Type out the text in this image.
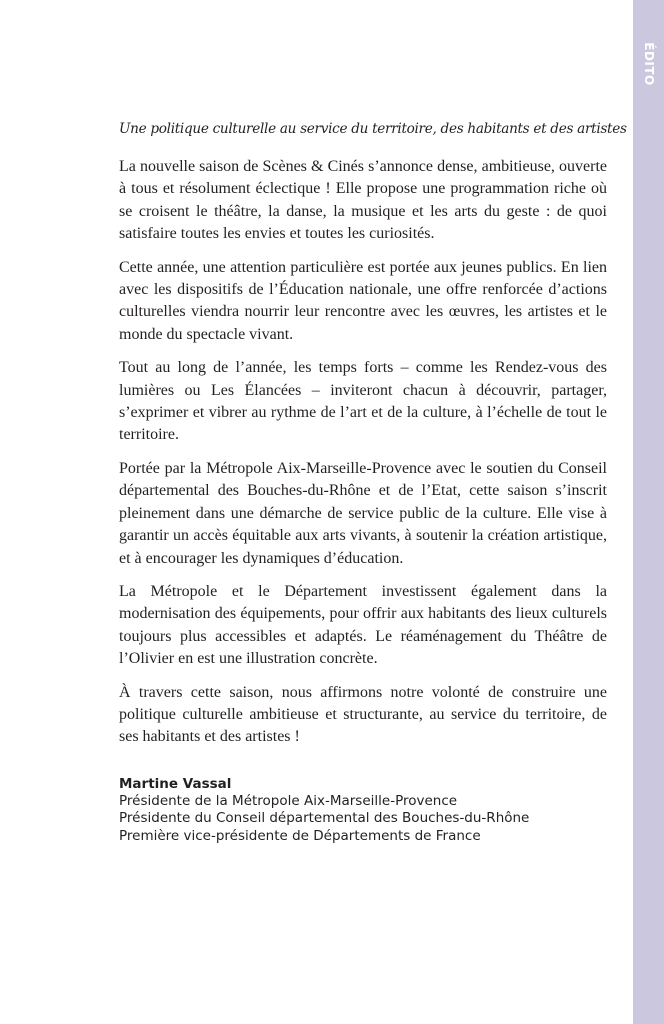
ÉDITO

Une politique culturelle au service du territoire, des habitants et des artistes

La nouvelle saison de Scènes & Cinés s’annonce dense, ambitieuse, ouverte à tous et résolument éclectique ! Elle propose une programmation riche où se croisent le théâtre, la danse, la musique et les arts du geste : de quoi satisfaire toutes les envies et toutes les curiosités.

Cette année, une attention particulière est portée aux jeunes publics. En lien avec les dispositifs de l’Éducation nationale, une offre renforcée d’actions culturelles viendra nourrir leur rencontre avec les œuvres, les artistes et le monde du spectacle vivant.

Tout au long de l’année, les temps forts – comme les Rendez-vous des lumières ou Les Élancées – inviteront chacun à découvrir, partager, s’exprimer et vibrer au rythme de l’art et de la culture, à l’échelle de tout le territoire.

Portée par la Métropole Aix-Marseille-Provence avec le soutien du Conseil départemental des Bouches-du-Rhône et de l’Etat, cette saison s’inscrit pleinement dans une démarche de service public de la culture. Elle vise à garantir un accès équitable aux arts vivants, à soutenir la création artistique, et à encourager les dynamiques d’éducation.

La Métropole et le Département investissent également dans la modernisation des équipements, pour offrir aux habitants des lieux culturels toujours plus accessibles et adaptés. Le réaménagement du Théâtre de l’Olivier en est une illustration concrète.

À travers cette saison, nous affirmons notre volonté de construire une politique culturelle ambitieuse et structurante, au service du territoire, de ses habitants et des artistes !

Martine Vassal
Présidente de la Métropole Aix-Marseille-Provence
Présidente du Conseil départemental des Bouches-du-Rhône
Première vice-présidente de Départements de France
